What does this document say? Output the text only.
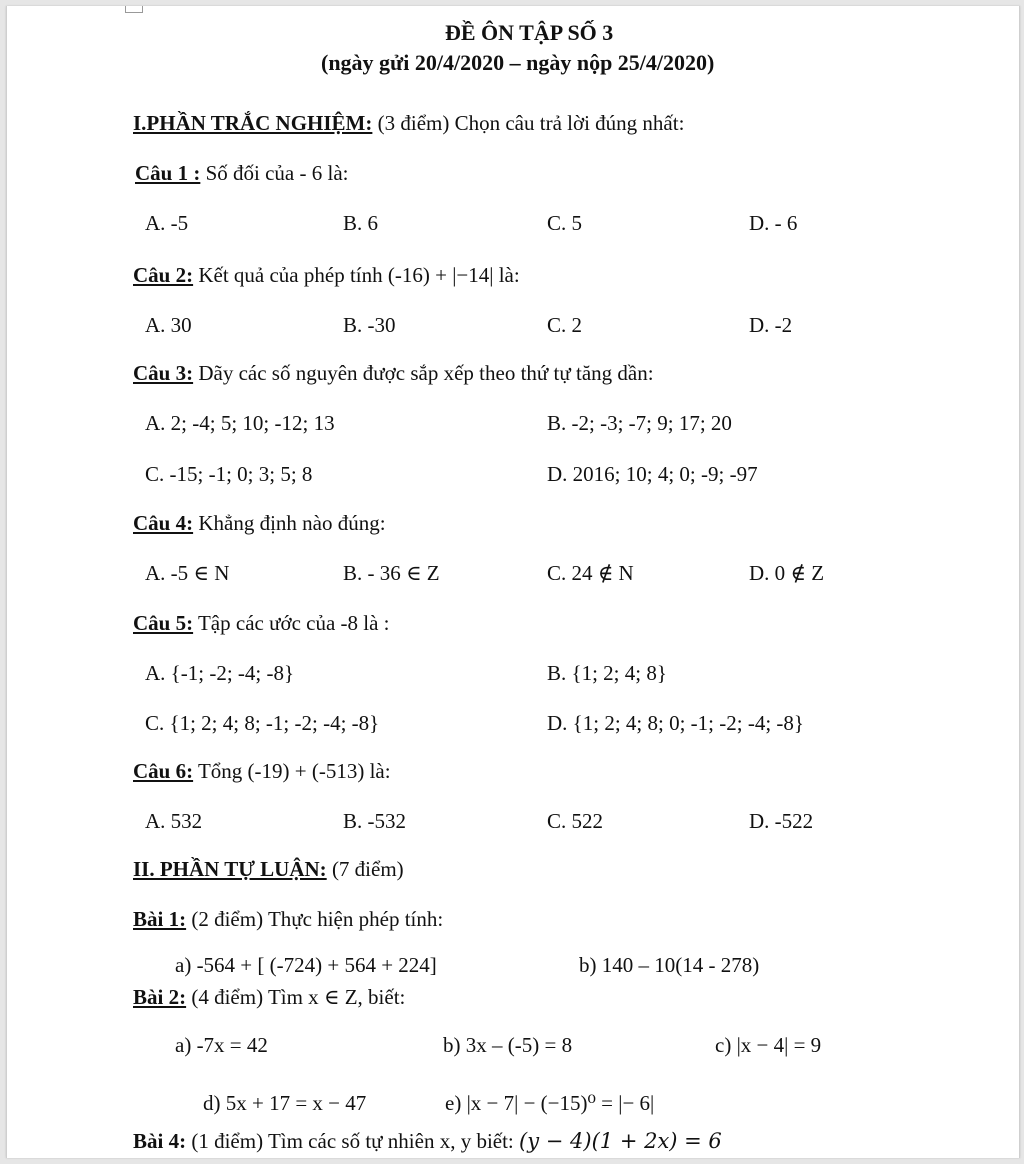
ĐỀ ÔN TẬP SỐ 3
(ngày gửi 20/4/2020 – ngày nộp 25/4/2020)
I.PHẦN TRẮC NGHIỆM: (3 điểm) Chọn câu trả lời đúng nhất:
Câu 1 : Số đối của - 6 là:
A. -5	B. 6	C. 5	D. - 6
Câu 2: Kết quả của phép tính (-16) + |−14| là:
A. 30	B. -30	C. 2	D. -2
Câu 3: Dãy các số nguyên được sắp xếp theo thứ tự tăng dần:
A. 2; -4; 5; 10; -12; 13	B. -2; -3; -7; 9; 17; 20
C. -15; -1; 0; 3; 5; 8	D. 2016; 10; 4; 0; -9; -97
Câu 4: Khẳng định nào đúng:
A. -5 ∈ N	B. - 36 ∈ Z	C. 24 ∉ N	D. 0 ∉ Z
Câu 5: Tập các ước của -8 là :
A. {-1; -2; -4; -8}	B. {1; 2; 4; 8}
C. {1; 2; 4; 8; -1; -2; -4; -8}	D. {1; 2; 4; 8; 0; -1; -2; -4; -8}
Câu 6: Tổng (-19) + (-513) là:
A. 532	B. -532	C. 522	D. -522
II. PHẦN TỰ LUẬN: (7 điểm)
Bài 1: (2 điểm) Thực hiện phép tính:
a) -564 + [ (-724) + 564 + 224]	b) 140 – 10(14 - 278)
Bài 2: (4 điểm) Tìm x ∈ Z, biết:
a) -7x = 42	b) 3x – (-5) = 8	c) |x − 4| = 9
d) 5x + 17 = x − 47	e) |x − 7| − (−15)⁰ = |− 6|
Bài 4: (1 điểm) Tìm các số tự nhiên x, y biết: (y − 4)(1 + 2x) = 6
